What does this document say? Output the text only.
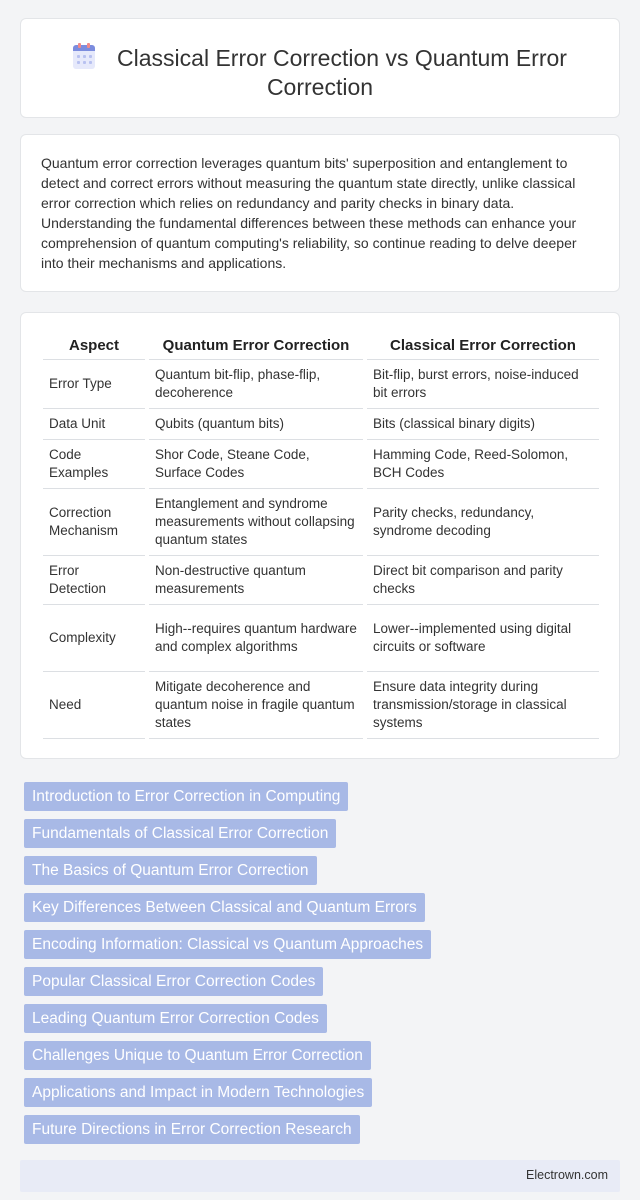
Classical Error Correction vs Quantum Error
Correction

Quantum error correction leverages quantum bits' superposition and entanglement to detect and correct errors without measuring the quantum state directly, unlike classical error correction which relies on redundancy and parity checks in binary data. Understanding the fundamental differences between these methods can enhance your comprehension of quantum computing's reliability, so continue reading to delve deeper into their mechanisms and applications.

Aspect	Quantum Error Correction	Classical Error Correction
Error Type	Quantum bit-flip, phase-flip, decoherence	Bit-flip, burst errors, noise-induced bit errors
Data Unit	Qubits (quantum bits)	Bits (classical binary digits)
Code Examples	Shor Code, Steane Code, Surface Codes	Hamming Code, Reed-Solomon, BCH Codes
Correction Mechanism	Entanglement and syndrome measurements without collapsing quantum states	Parity checks, redundancy, syndrome decoding
Error Detection	Non-destructive quantum measurements	Direct bit comparison and parity checks
Complexity	High--requires quantum hardware and complex algorithms	Lower--implemented using digital circuits or software
Need	Mitigate decoherence and quantum noise in fragile quantum states	Ensure data integrity during transmission/storage in classical systems
Introduction to Error Correction in Computing
Fundamentals of Classical Error Correction
The Basics of Quantum Error Correction
Key Differences Between Classical and Quantum Errors
Encoding Information: Classical vs Quantum Approaches
Popular Classical Error Correction Codes
Leading Quantum Error Correction Codes
Challenges Unique to Quantum Error Correction
Applications and Impact in Modern Technologies
Future Directions in Error Correction Research
Electrown.com
